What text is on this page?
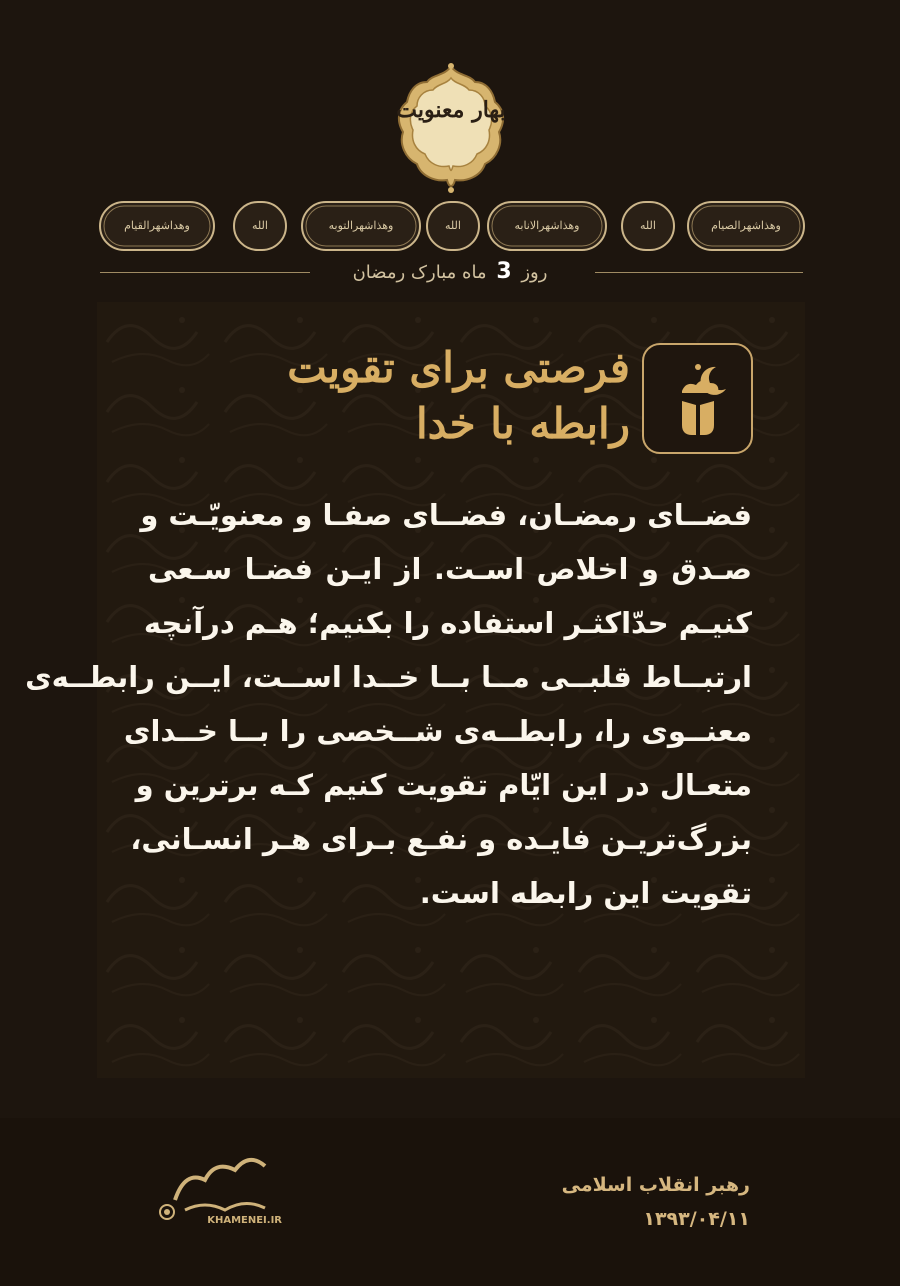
بهار معنویت
وهداشهرالقیام	الله	وهذاشهرالتوبه	الله	وهذاشهرالانابه	الله	وهذاشهرالصیام
روز 3 ماه مبارک رمضان
فرصتی برای تقویت
رابطه با خدا
فضــای رمضـان، فضــای صفـا و معنویّـت و
صـدق و اخلاص اسـت. از ایـن فضـا سـعی
کنیـم حدّاکثـر استفاده را بکنیم؛ هـم درآنچه
ارتبــاط قلبــی مــا بــا خــدا اســت، ایــن رابطــه‌ی
معنــوی را، رابطــه‌ی شــخصی را بــا خــدای
متعـال در این ایّام تقویت کنیم کـه برترین و
بزرگ‌تریـن فایـده و نفـع بـرای هـر انسـانی،
تقویت این رابطه است.
رهبر انقلاب اسلامی
۱۳۹۳/۰۴/۱۱
KHAMENEI.IR
